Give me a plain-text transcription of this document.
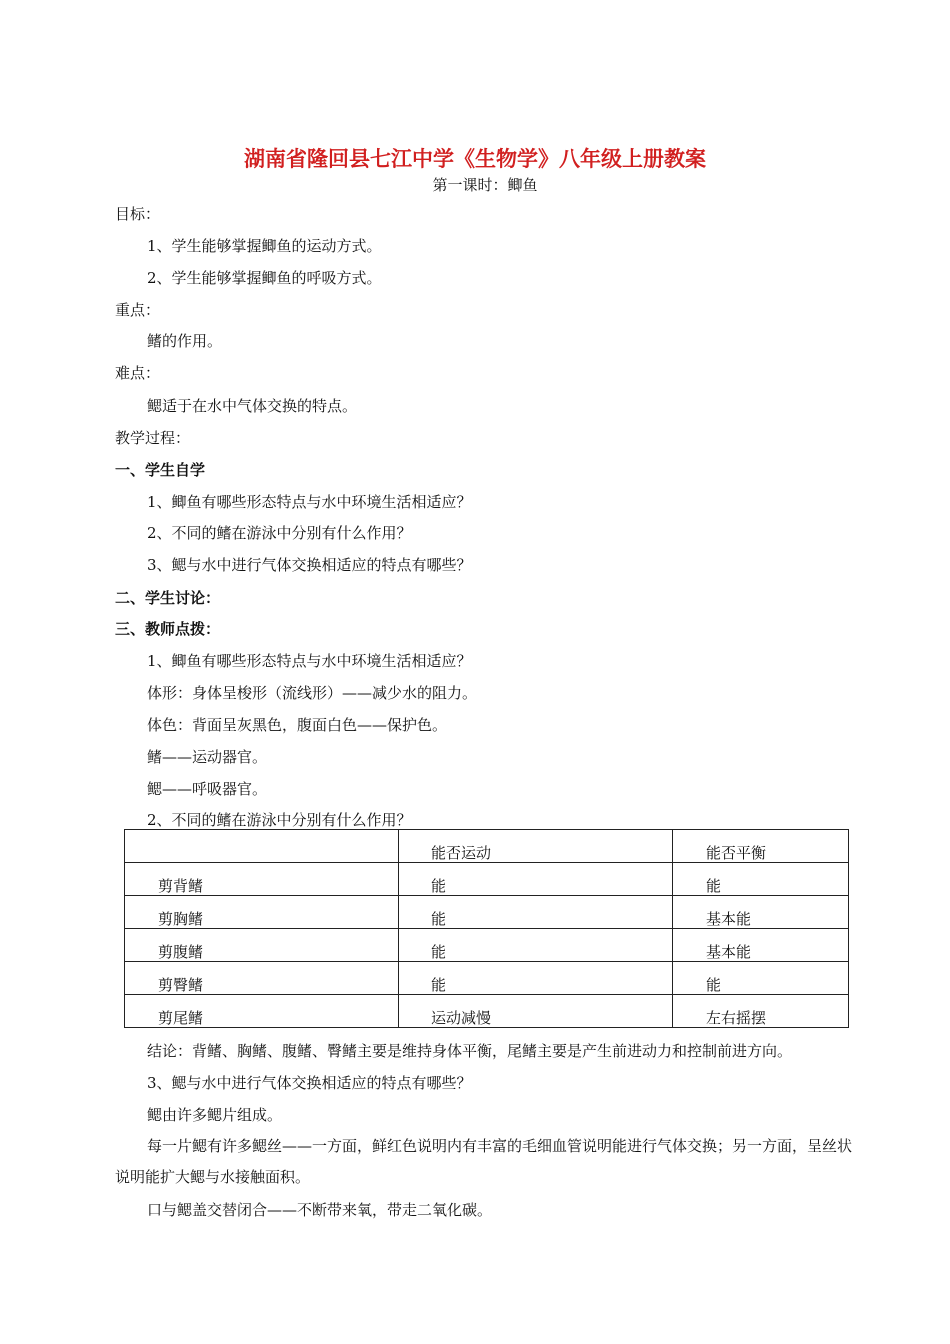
湖南省隆回县七江中学《生物学》八年级上册教案
第一课时：鲫鱼
目标：
1、学生能够掌握鲫鱼的运动方式。
2、学生能够掌握鲫鱼的呼吸方式。
重点：
鳍的作用。
难点：
鳃适于在水中气体交换的特点。
教学过程：
一、学生自学
1、鲫鱼有哪些形态特点与水中环境生活相适应？
2、不同的鳍在游泳中分别有什么作用？
3、鳃与水中进行气体交换相适应的特点有哪些？
二、学生讨论：
三、教师点拨：
1、鲫鱼有哪些形态特点与水中环境生活相适应？
体形：身体呈梭形（流线形）——减少水的阻力。
体色：背面呈灰黑色，腹面白色——保护色。
鳍——运动器官。
鳃——呼吸器官。
2、不同的鳍在游泳中分别有什么作用？
	能否运动	能否平衡
剪背鳍	能	能
剪胸鳍	能	基本能
剪腹鳍	能	基本能
剪臀鳍	能	能
剪尾鳍	运动减慢	左右摇摆
结论：背鳍、胸鳍、腹鳍、臀鳍主要是维持身体平衡，尾鳍主要是产生前进动力和控制前进方向。
3、鳃与水中进行气体交换相适应的特点有哪些？
鳃由许多鳃片组成。
每一片鳃有许多鳃丝——一方面，鲜红色说明内有丰富的毛细血管说明能进行气体交换；另一方面，呈丝状说明能扩大鳃与水接触面积。
口与鳃盖交替闭合——不断带来氧，带走二氧化碳。
